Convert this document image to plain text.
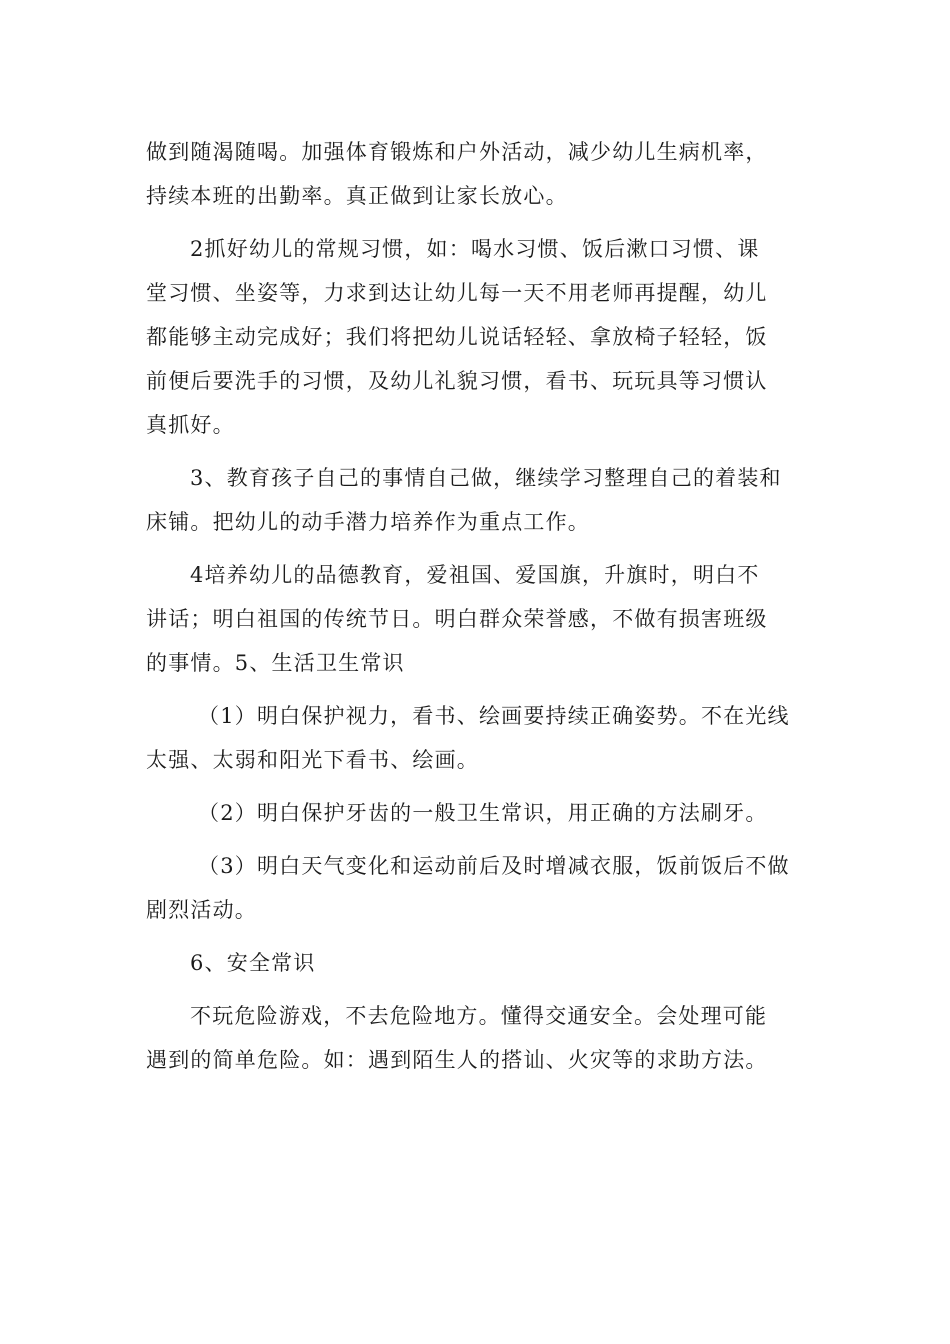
做到随渴随喝。加强体育锻炼和户外活动，减少幼儿生病机率，
持续本班的出勤率。真正做到让家长放心。
2抓好幼儿的常规习惯，如：喝水习惯、饭后漱口习惯、课
堂习惯、坐姿等，力求到达让幼儿每一天不用老师再提醒，幼儿
都能够主动完成好；我们将把幼儿说话轻轻、拿放椅子轻轻，饭
前便后要洗手的习惯，及幼儿礼貌习惯，看书、玩玩具等习惯认
真抓好。
3、教育孩子自己的事情自己做，继续学习整理自己的着装和
床铺。把幼儿的动手潜力培养作为重点工作。
4培养幼儿的品德教育，爱祖国、爱国旗，升旗时，明白不
讲话；明白祖国的传统节日。明白群众荣誉感，不做有损害班级
的事情。5、生活卫生常识
（1）明白保护视力，看书、绘画要持续正确姿势。不在光线
太强、太弱和阳光下看书、绘画。
（2）明白保护牙齿的一般卫生常识，用正确的方法刷牙。
（3）明白天气变化和运动前后及时增减衣服，饭前饭后不做
剧烈活动。
6、安全常识
不玩危险游戏，不去危险地方。懂得交通安全。会处理可能
遇到的简单危险。如：遇到陌生人的搭讪、火灾等的求助方法。
